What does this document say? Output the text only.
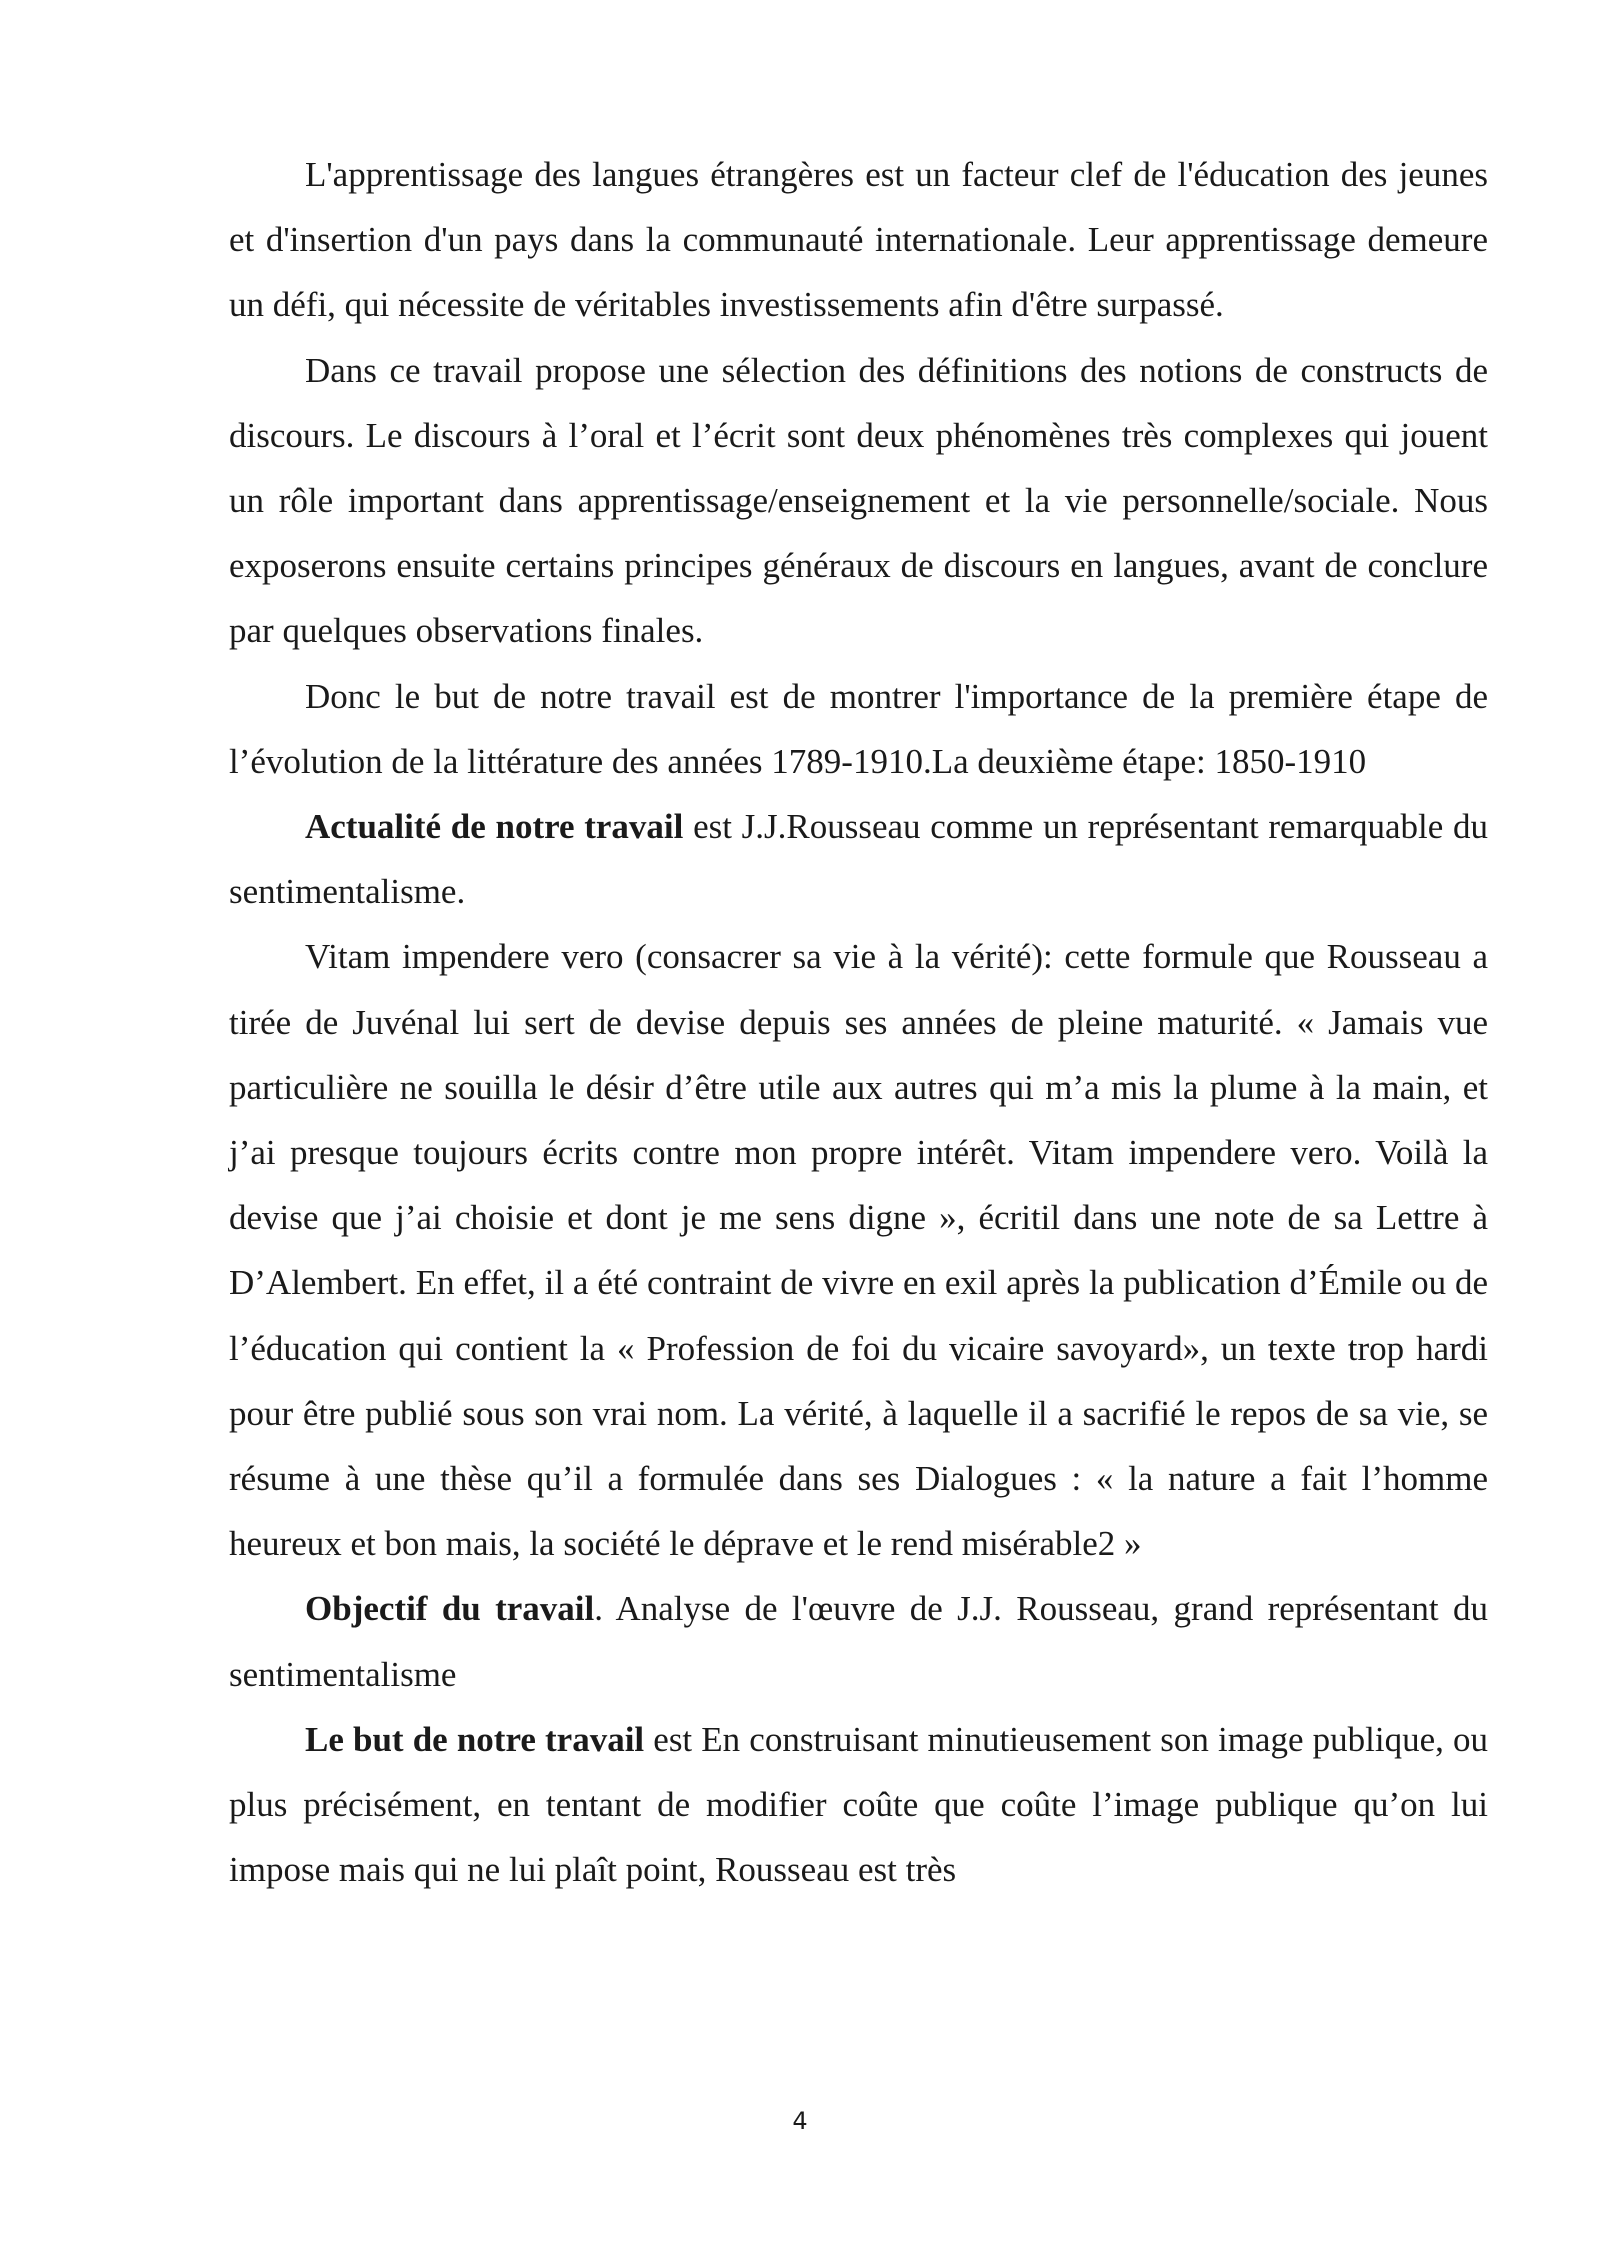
L'apprentissage des langues étrangères est un facteur clef de l'éducation des jeunes et d'insertion d'un pays dans la communauté internationale. Leur apprentissage demeure un défi, qui nécessite de véritables investissements afin d'être surpassé.

Dans ce travail propose une sélection des définitions des notions de constructs de discours. Le discours à l’oral et l’écrit sont deux phénomènes très complexes qui jouent un rôle important dans apprentissage/enseignement et la vie personnelle/sociale. Nous exposerons ensuite certains principes généraux de discours en langues, avant de conclure par quelques observations finales.

Donc le but de notre travail est de montrer l'importance de la première étape de l’évolution de la littérature des années 1789-1910.La deuxième étape: 1850-1910

Actualité de notre travail est J.J.Rousseau comme un représentant remarquable du sentimentalisme.

Vitam impendere vero (consacrer sa vie à la vérité): cette formule que Rousseau a tirée de Juvénal lui sert de devise depuis ses années de pleine maturité. « Jamais vue particulière ne souilla le désir d’être utile aux autres qui m’a mis la plume à la main, et j’ai presque toujours écrits contre mon propre intérêt. Vitam impendere vero. Voilà la devise que j’ai choisie et dont je me sens digne », écritil dans une note de sa Lettre à D’Alembert. En effet, il a été contraint de vivre en exil après la publication d’Émile ou de l’éducation qui contient la « Profession de foi du vicaire savoyard», un texte trop hardi pour être publié sous son vrai nom. La vérité, à laquelle il a sacrifié le repos de sa vie, se résume à une thèse qu’il a formulée dans ses Dialogues : « la nature a fait l’homme heureux et bon mais, la société le déprave et le rend misérable2 »

Objectif du travail. Analyse de l'œuvre de J.J. Rousseau, grand représentant du sentimentalisme

Le but de notre travail est En construisant minutieusement son image publique, ou plus précisément, en tentant de modifier coûte que coûte l’image publique qu’on lui impose mais qui ne lui plaît point, Rousseau est très

4
